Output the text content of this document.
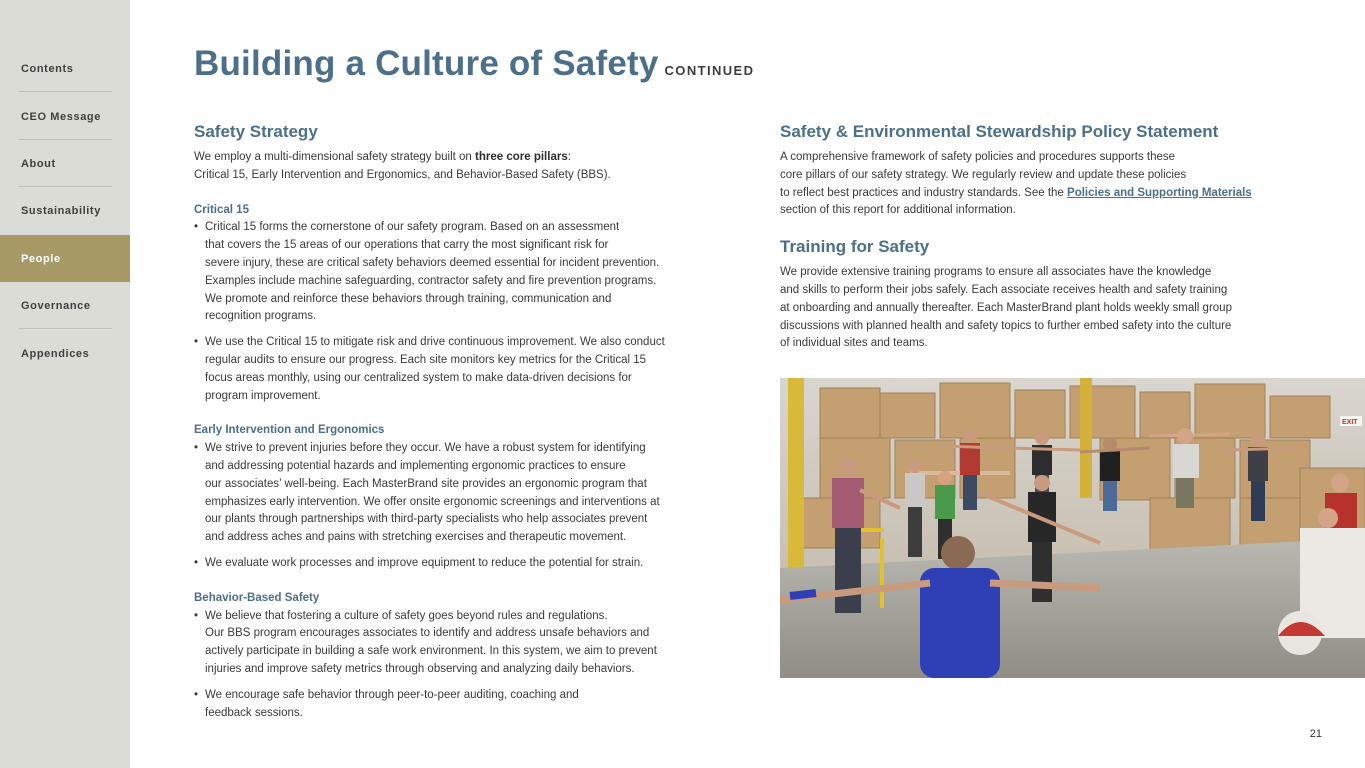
Contents
CEO Message
About
Sustainability
People
Governance
Appendices
Building a Culture of Safety CONTINUED
Safety Strategy

We employ a multi-dimensional safety strategy built on three core pillars:
Critical 15, Early Intervention and Ergonomics, and Behavior-Based Safety (BBS).

Critical 15
• Critical 15 forms the cornerstone of our safety program. Based on an assessment
that covers the 15 areas of our operations that carry the most significant risk for
severe injury, these are critical safety behaviors deemed essential for incident prevention.
Examples include machine safeguarding, contractor safety and fire prevention programs.
We promote and reinforce these behaviors through training, communication and
recognition programs.
• We use the Critical 15 to mitigate risk and drive continuous improvement. We also conduct
regular audits to ensure our progress. Each site monitors key metrics for the Critical 15
focus areas monthly, using our centralized system to make data-driven decisions for
program improvement.
Early Intervention and Ergonomics
• We strive to prevent injuries before they occur. We have a robust system for identifying
and addressing potential hazards and implementing ergonomic practices to ensure
our associates’ well-being. Each MasterBrand site provides an ergonomic program that
emphasizes early intervention. We offer onsite ergonomic screenings and interventions at
our plants through partnerships with third-party specialists who help associates prevent
and address aches and pains with stretching exercises and therapeutic movement.
• We evaluate work processes and improve equipment to reduce the potential for strain.
Behavior-Based Safety
• We believe that fostering a culture of safety goes beyond rules and regulations.
Our BBS program encourages associates to identify and address unsafe behaviors and
actively participate in building a safe work environment. In this system, we aim to prevent
injuries and improve safety metrics through observing and analyzing daily behaviors.
• We encourage safe behavior through peer-to-peer auditing, coaching and
feedback sessions.
Safety & Environmental Stewardship Policy Statement

A comprehensive framework of safety policies and procedures supports these
core pillars of our safety strategy. We regularly review and update these policies
to reflect best practices and industry standards. See the Policies and Supporting Materials
section of this report for additional information.

Training for Safety

We provide extensive training programs to ensure all associates have the knowledge
and skills to perform their jobs safely. Each associate receives health and safety training
at onboarding and annually thereafter. Each MasterBrand plant holds weekly small group
discussions with planned health and safety topics to further embed safety into the culture
of individual sites and teams.

EXIT
21
